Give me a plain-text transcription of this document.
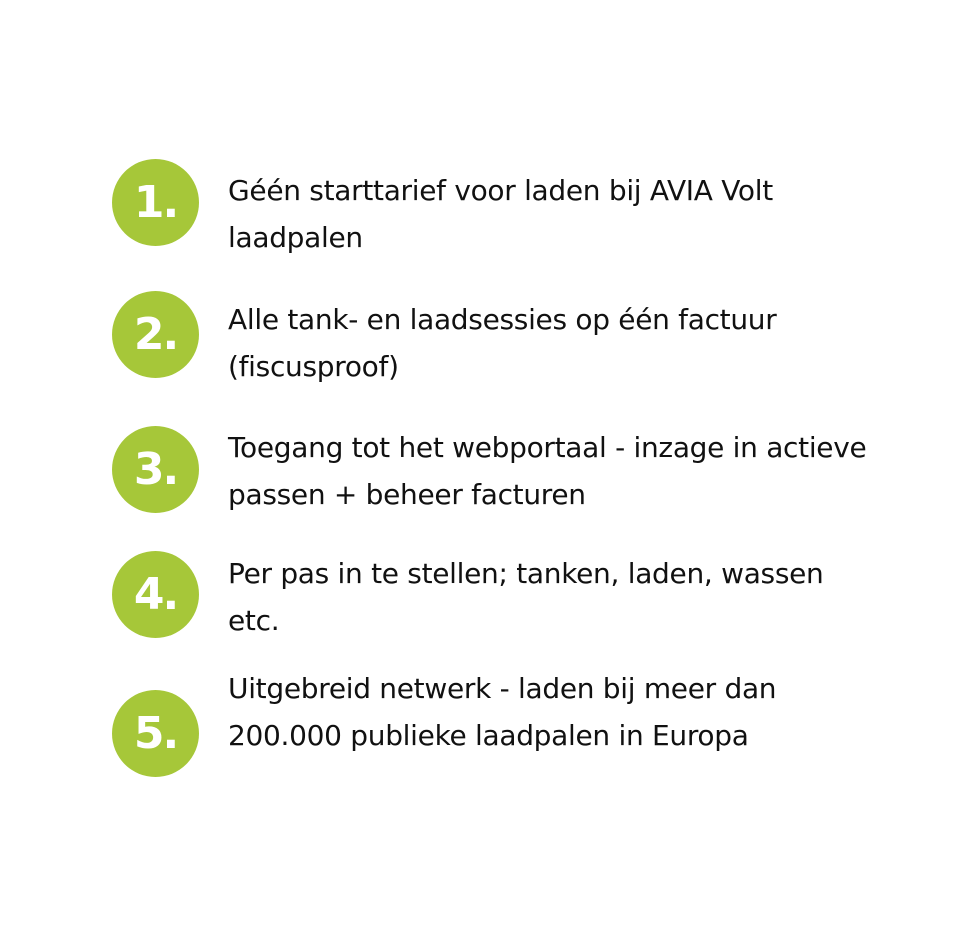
1.	Géén starttarief voor laden bij AVIA Volt laadpalen

2.	Alle tank- en laadsessies op één factuur (fiscusproof)

3.	Toegang tot het webportaal - inzage in actieve passen + beheer facturen

4.	Per pas in te stellen; tanken, laden, wassen etc.

5.

Uitgebreid netwerk - laden bij meer dan 200.000 publieke laadpalen in Europa
